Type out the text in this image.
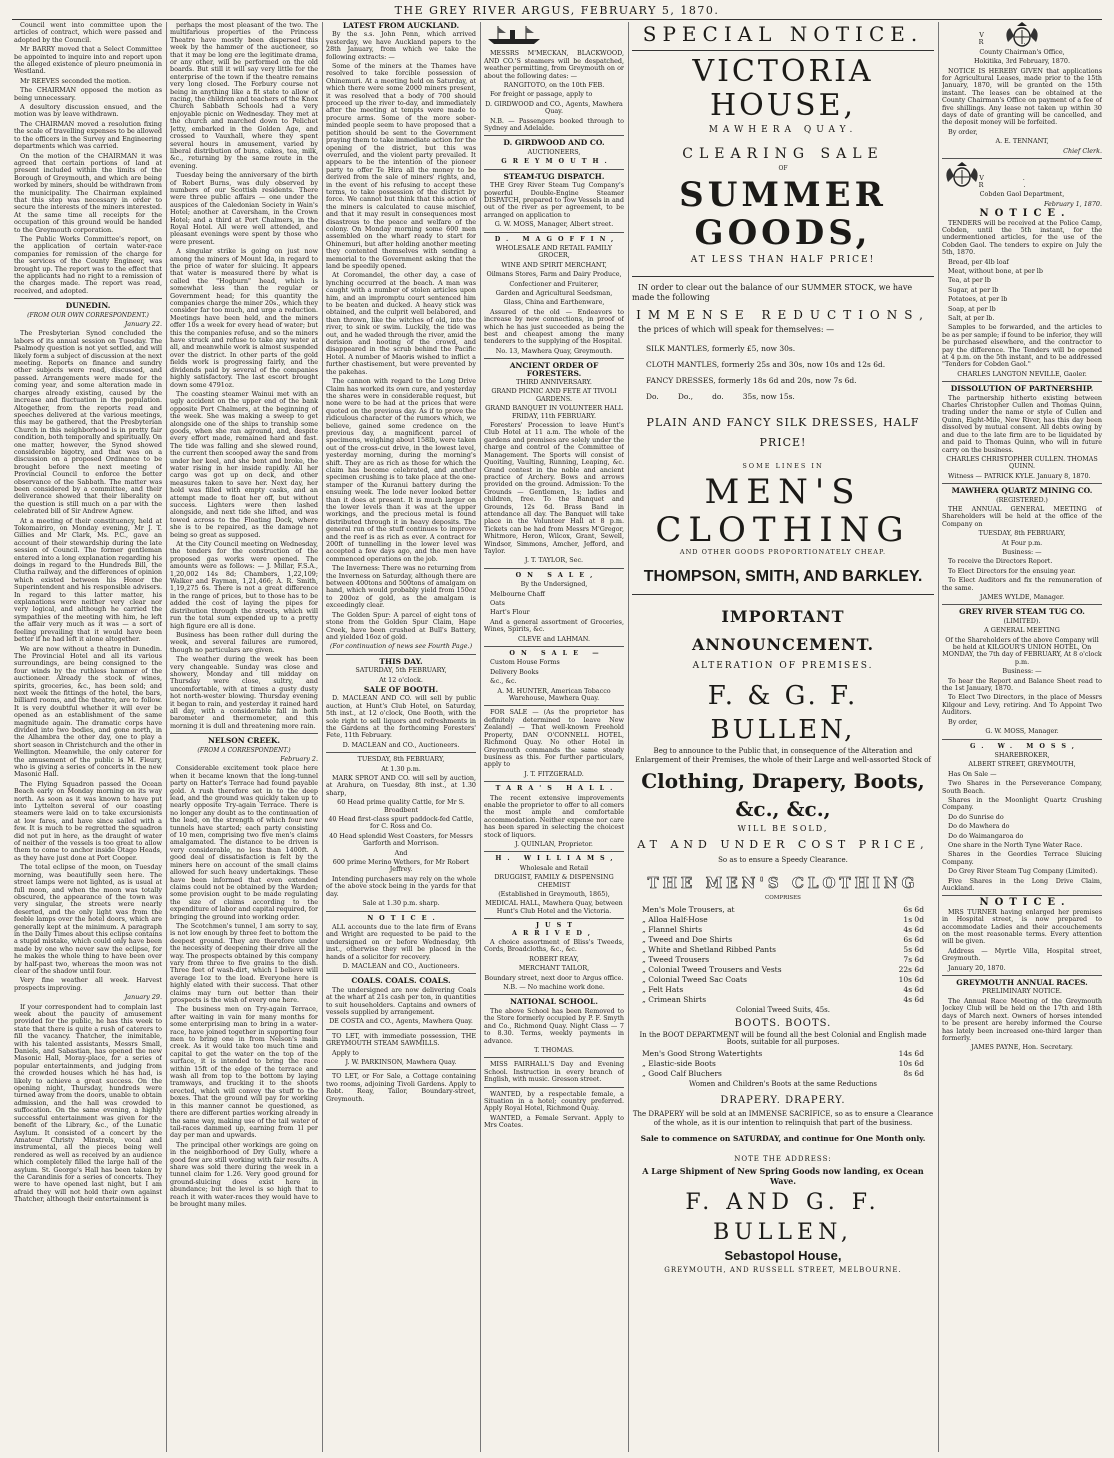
THE GREY RIVER ARGUS, FEBRUARY 5, 1870.

Council went into committee upon the articles of contract, which were passed and adopted by the Council.

Mr BARRY moved that a Select Committee be appointed to inquire into and report upon the alleged existence of pleuro pneumonia in Westland.

Mr REEVES seconded the motion.

The CHAIRMAN opposed the motion as being unnecessary.

A desultory discussion ensued, and the motion was by leave withdrawn.

The CHAIRMAN moved a resolution fixing the scale of travelling expenses to be allowed to the officers in the Survey and Engineering departments which was carried.

On the motion of the CHAIRMAN it was agreed that certain portions of land at present included within the limits of the Borough of Greymouth, and which are being worked by miners, should be withdrawn from the municipality. The Chairman explained that this step was necessary in order to secure the interests of the miners interested. At the same time all receipts for the occupation of this ground would be handed to the Greymouth corporation.

The Public Works Committee's report, on the application of certain water-race companies for remission of the charge for the services of the County Engineer, was brought up. The report was to the effect that the applicants had no right to a remission of the charges made. The report was read, received, and adopted.

DUNEDIN.

(FROM OUR OWN CORRESPONDENT.)

January 22.

The Presbyterian Synod concluded the labors of its annual session on Tuesday. The Psalmody question is not yet settled, and will likely form a subject of discussion at the next meeting. Reports on finance and sundry other subjects were read, discussed, and passed. Arrangements were made for the coming year, and some alteration made in charges already existing, caused by the increase and fluctuation in the population. Altogether, from the reports read and speeches delivered at the various meetings, this may be gathered, that the Presbyterian Church in this neighborhood is in pretty fair condition, both temporally and spiritually. On one matter, however, the Synod showed considerable bigotry, and that was on a discussion on a proposed Ordinance to be brought before the next meeting of Provincial Council to enforce the better observance of the Sabbath. The matter was been considered by a committee, and their deliverance showed that their liberality on the question is still much on a par with the celebrated bill of Sir Andrew Agnew.

At a meeting of their constituency, held at Tokomairiro, on Monday evening, Mr J. T. Gillies and Mr Clark, Ms. P.C., gave an account of their stewardship during the late session of Council. The former gentleman entered into a long explanation regarding his doings in regard to the Hundreds Bill, the Clutha railway, and the differences of opinion which existed between his Honor the Superintendent and his responsible advisers. In regard to this latter matter, his explanations were neither very clear nor very logical, and although he carried the sympathies of the meeting with him, he left the affair very much as it was — a sort of feeling prevailing that it would have been better if he had left it alone altogether.

We are now without a theatre in Dunedin. The Provincial Hotel and all its various surroundings, are being consigned to the four winds by the ruthless hammer of the auctioneer. Already the stock of wines, spirits, groceries, &c., has been sold; and next week the fittings of the hotel, the bars, billiard rooms, and the theatre, are to follow. It is very doubtful whether it will ever be opened as an establishment of the same magnitude again. The dramatic corps have divided into two bodies, and gone north, in the Alhambra the other day, one to play a short season in Christchurch and the other in Wellington. Meanwhile, the only caterer for the amusement of the public is M. Fleury, who is giving a series of concerts in the new Masonic Hall.

The Flying Squadron passed the Ocean Beach early on Monday morning on its way north. As soon as it was known to have put into Lyttelton several of our coasting steamers were laid on to take excursionists at low fares, and have since sailed with a few. It is much to be regretted the squadron did not put in here, as the draught of water of neither of the vessels is too great to allow them to come to anchor inside Otago Heads, as they have just done at Port Cooper.

The total eclipse of the moon, on Tuesday morning, was beautifully seen here. The street lamps were not lighted, as is usual at full moon, and when the moon was totally obscured, the appearance of the town was very singular, the streets were nearly deserted, and the only light was from the feeble lamps over the hotel doors, which are generally kept at the minimum. A paragraph in the Daily Times about this eclipse contains a stupid mistake, which could only have been made by one who never saw the eclipse, for he makes the whole thing to have been over by half-past two, whereas the moon was not clear of the shadow until four.

Very fine weather all week. Harvest prospects improving.

January 29.

If your correspondent had to complain last week about the paucity of amusement provided for the public, he has this week to state that there is quite a rush of caterers to fill the vacancy. Thatcher, the inimitable, with his talented assistants, Messrs Small, Daniels, and Sabastian, has opened the new Masonic Hall, Moray-place, for a series of popular entertainments, and judging from the crowded houses which he has had, is likely to achieve a great success. On the opening night, Thursday, hundreds were turned away from the doors, unable to obtain admission, and the hall was crowded to suffocation. On the same evening, a highly successful entertainment was given for the benefit of the Library, &c., of the Lunatic Asylum. It consisted of a concert by the Amateur Christy Minstrels, vocal and instrumental, all the pieces being well rendered as well as received by an audience which completely filled the large hall of the asylum. St. George's Hall has been taken by the Carandinis for a series of concerts. They were to have opened last night, but I am afraid they will not hold their own against Thatcher, although their entertainment is

perhaps the most pleasant of the two. The multifarious properties of the Princess Theatre have mostly been dispersed this week by the hammer of the auctioneer, so that it may be long ere the legitimate drama, or any other, will be performed on the old boards. But still it will say very little for the enterprise of the town if the theatre remains very long closed. The Forbury course not being in anything like a fit state to allow of racing, the children and teachers of the Knox Church Sabbath Schools had a very enjoyable picnic on Wednesday. They met at the church and marched down to Pelichet Jetty, embarked in the Golden Age, and crossed to Vauxhall, where they spent several hours in amusement, varied by liberal distribution of buns, cakes, tea, milk, &c., returning by the same route in the evening.

Tuesday being the anniversary of the birth of Robert Burns, was duly observed by numbers of our Scottish residents. There were three public affairs — one under the auspices of the Caledonian Society in Wain's Hotel; another at Caversham, in the Crown Hotel; and a third at Port Chalmers, in the Royal Hotel. All were well attended, and pleasant evenings were spent by those who were present.

A singular strike is going on just now among the miners of Mount Ida, in regard to the price of water for sluicing. It appears that water is measured there by what is called the "Hogburn" head, which is somewhat less than the regular or Government head; for this quantity the companies charge the miner 20s., which they consider far too much, and urge a reduction. Meetings have been held, and the miners offer 10s a week for every head of water; but this the companies refuse, and so the miners have struck and refuse to take any water at all, and meanwhile work is almost suspended over the district. In other parts of the gold fields work is progressing fairly, and the dividends paid by several of the companies highly satisfactory. The last escort brought down some 4791oz.

The coasting steamer Wainui met with an ugly accident on the upper end of the bank opposite Port Chalmers, at the beginning of the week. She was making a sweep to get alongside one of the ships to tranship some goods, when she ran aground, and, despite every effort made, remained hard and fast. The tide was falling and she slewed round, the current then scooped away the sand from under her keel, and she bent and broke, the water rising in her inside rapidly. All her cargo was got up on deck, and other measures taken to save her. Next day, her hold was filled with empty casks, and an attempt made to float her off, but without success. Lighters were then lashed alongside, and next tide she lifted, and was towed across to the Floating Dock, where she is to be repaired, as the damage not being so great as supposed.

At the City Council meeting on Wednesday, the tenders for the construction of the proposed gas works were opened. The amounts were as follows: — J. Millar, F.S.A., 1,20,002 14s 8d; Chambers, 1,22,109; Walker and Fayman, 1,21,466; A. R. Smith, 1,19,275 6s. There is not a great difference in the range of prices, but to those has to be added the cost of laying the pipes for distribution through the streets, which will run the total sum expended up to a pretty high figure ere all is done.

Business has been rather dull during the week, and several failures are rumored, though no particulars are given.

The weather during the week has been very changeable. Sunday was close and showery, Monday and till midday on Thursday were close, sultry, and uncomfortable, with at times a gusty dusty hot north-wester blowing. Thursday evening it began to rain, and yesterday it rained hard all day, with a considerable fall in both barometer and thermometer, and this morning it is dull and threatening more rain.

NELSON CREEK.

(FROM A CORRESPONDENT.)

February 2.

Considerable excitement took place here when it became known that the long-tunnel party on Hatter's Terrace had found payable gold. A rush therefore set in to the deep lead, and the ground was quickly taken up to nearly opposite Try-again Terrace. There is no longer any doubt as to the continuation of the lead, on the strength of which four new tunnels have started; each party consisting of 10 men, comprising two five men's claims amalgamated. The distance to be driven is very considerable, no less than 1400ft. A good deal of dissatisfaction is felt by the miners here on account of the small claims allowed for such heavy undertakings. These have been informed that even extended claims could not be obtained by the Warden; some provision ought to be made regulating the size of claims according to the expenditure of labor and capital required, for bringing the ground into working order.

The Scotchmen's tunnel, I am sorry to say, is not low enough by three feet to bottom the deepest ground. They are therefore under the necessity of deepening their drive all the way. The prospects obtained by this company vary from three to five grains to the dish. Three feet of wash-dirt, which I believe will average 1oz to the load. Everyone here is highly elated with their success. That other claims may turn out better than their prospects is the wish of every one here.

The business men on Try-again Terrace, after waiting in vain for many months for some enterprising man to bring in a water-race, have joined together in supporting four men to bring one in from Nelson's main creek. As it would take too much time and capital to get the water on the top of the surface, it is intended to bring the race within 15ft of the edge of the terrace and wash all from top to the bottom by laying tramways, and trucking it to the shoots erected, which will convey the stuff to the boxes. That the ground will pay for working in this manner cannot be questioned, as there are different parties working already in the same way, making use of the tail water of tail-races dammed up, earning from 1l per day per man and upwards.

The principal other workings are going on in the neighborhood of Dry Gully, where a good few are still working with fair results. A share was sold there during the week in a tunnel claim for 1.26. Very good ground for ground-sluicing does exist here in abundance; but the level is so high that to reach it with water-races they would have to be brought many miles.

LATEST FROM AUCKLAND.

By the s.s. John Penn, which arrived yesterday, we have Auckland papers to the 28th January, from which we take the following extracts: —

Some of the miners at the Thames have resolved to take forcible possession of Ohinemuri. At a meeting held on Saturday, at which there were some 2000 miners present, it was resolved that a body of 700 should proceed up the river to-day, and immediately after the meeting at tempts were made to procure arms. Some of the more sober-minded people seem to have proposed that a petition should be sent to the Government praying them to take immediate action for the opening of the district, but this was overruled, and the violent party prevailed. It appears to be the intention of the pioneer party to offer Te Hira all the money to be derived from the sale of miners' rights, and, in the event of his refusing to accept these terms, to take possession of the district by force. We cannot but think that this action of the miners is calculated to cause mischief, and that it may result in consequences most disastrous to the peace and welfare of the colony. On Monday morning some 600 men assembled on the wharf ready to start for Ohinemuri, but after holding another meeting they contented themselves with sending a memorial to the Government asking that the land be speedily opened.

At Coromandel, the other day, a case of lynching occurred at the beach. A man was caught with a number of stolen articles upon him, and an impromptu court sentenced him to be beaten and ducked. A heavy stick was obtained, and the culprit well belabored, and then thrown, like the witches of old, into the river, to sink or swim. Luckily, the tide was out, and he waded through the river, amid the derision and hooting of the crowd, and disappeared in the scrub behind the Pacific Hotel. A number of Maoris wished to inflict a further chastisement, but were prevented by the pakehas.

The cannon with regard to the Long Drive Claim has worked its own cure, and yesterday the shares were in considerable request, but none were to be had at the prices that were quoted on the previous day. As if to prove the ridiculous character of the rumors which, we believe, gained some credence on the previous day, a magnificent parcel of specimens, weighing about 158lb, were taken out of the cross-cut drive, in the lowest level, yesterday morning, during the morning's shift. They are as rich as those for which the claim has become celebrated, and another specimen crushing is to take place at the one-stamper of the Kuranui battery during the ensuing week. The lode never looked better than it does at present. It is much larger on the lower levels than it was at the upper workings, and the precious metal is found distributed through it in heavy deposits. The general run of the stuff continues to improve and the reef is as rich as ever. A contract for 200ft of tunnelling in the lower level was accepted a few days ago, and the men have commenced operations on the job.

The Inverness: There was no returning from the Inverness on Saturday, although there are between 400tons and 500tons of amalgam on hand, which would probably yield from 150oz to 200oz of gold, as the amalgam is exceedingly clear.

The Golden Spur: A parcel of eight tons of stone from the Golden Spur Claim, Hape Creek, have been crushed at Bull's Battery, and yielded 16oz of gold.

(For continuation of news see Fourth Page.)

THIS DAY.

SATURDAY, 5th FEBRUARY,

At 12 o'clock.

SALE OF BOOTH.

D. MACLEAN AND CO. will sell by public auction, at Hunt's Club Hotel, on Saturday, 5th inst., at 12 o'clock, One Booth, with the sole right to sell liquors and refreshments in the Gardens at the forthcoming Foresters' Fete, 11th February.

D. MACLEAN and CO., Auctioneers.

TUESDAY, 8th FEBRUARY,

At 1.30 p.m.

MARK SPROT AND CO. will sell by auction, at Arahura, on Tuesday, 8th inst., at 1.30 sharp,

60 Head prime quality Cattle, for Mr S. Broadbent

40 Head first-class spurt paddock-fed Cattle, for C. Ross and Co.

40 Head splendid West Coasters, for Messrs Garforth and Morrison.

And

600 prime Merino Wethers, for Mr Robert Jeffrey.

Intending purchasers may rely on the whole of the above stock being in the yards for that day.

Sale at 1.30 p.m. sharp.

NOTICE.

ALL accounts due to the late firm of Evans and Wright are requested to be paid to the undersigned on or before Wednesday, 9th inst., otherwise they will be placed in the hands of a solicitor for recovery.

D. MACLEAN and CO., Auctioneers.

COALS. COALS. COALS.

The undersigned are now delivering Coals at the wharf at 21s cash per ton, in quantities to suit householders. Captains and owners of vessels supplied by arrangement.

DE COSTA and CO., Agents, Mawhera Quay.

TO LET, with immediate possession, THE GREYMOUTH STEAM SAWMILLS.

Apply to

J. W. PARKINSON, Mawhera Quay.

TO LET, or For Sale, a Cottage containing two rooms, adjoining Tivoli Gardens. Apply to Robt. Reay, Tailor, Boundary-street, Greymouth.

MESSRS M'MECKAN, BLACKWOOD, AND CO.'S steamers will be despatched, weather permitting, from Greymouth on or about the following dates: —

RANGITOTO, on the 10th FEB.

For freight or passage, apply to

D. GIRDWOOD and CO., Agents, Mawhera Quay.

N.B. — Passengers booked through to Sydney and Adelaide.

D. GIRDWOOD AND CO.

AUCTIONEERS,

GREYMOUTH.

STEAM-TUG DISPATCH.

THE Grey River Steam Tug Company's powerful Double-Engine Steamer DISPATCH, prepared to Tow Vessels in and out of the river as per agreement, to be arranged on application to

G. W. MOSS, Manager, Albert street.

D. MAGOFFIN,

WHOLESALE AND RETAIL FAMILY GROCER,

WINE AND SPIRIT MERCHANT,

Oilmans Stores, Farm and Dairy Produce,

Confectioner and Fruiterer,

Garden and Agricultural Seedsman,

Glass, China and Earthenware,

Assured of the old — Endeavors to increase by new connections, in proof of which he has just succeeded as being the best and cheapest among the many tenderers to the supplying of the Hospital.

No. 13, Mawhera Quay, Greymouth.

ANCIENT ORDER OF FORESTERS.

THIRD ANNIVERSARY.

GRAND PICNIC AND FETE AT TIVOLI GARDENS.

GRAND BANQUET IN VOLUNTEER HALL FRIDAY, 11th FEBRUARY.

Foresters' Procession to leave Hunt's Club Hotel at 11 a.m. The whole of the gardens and premises are solely under the charge and control of the Committee of Management. The Sports will consist of Quoiting, Vaulting, Running, Leaping, &c. Grand contest in the noble and ancient practice of Archery. Bows and arrows provided on the ground. Admission: To the Grounds — Gentlemen, 1s; ladies and children, free. To the Banquet and Grounds, 12s 6d. Brass Band in attendance all day. The Banquet will take place in the Volunteer Hall at 8 p.m. Tickets can be had from Messrs M'Gregor, Whitmore, Heron, Wilcox, Grant, Sewell, Windsor, Simmons, Amcher, Jefford, and Taylor.

J. T. TAYLOR, Sec.

ON SALE,

By the Undersigned,

Melbourne Chaff

Oats

Hart's Flour

And a general assortment of Groceries, Wines, Spirits, &c.

CLEVE and LAHMAN.

ON SALE —

Custom House Forms

Delivery Books

&c., &c.

A. M. HUNTER, American Tobacco Warehouse, Mawhera Quay.

FOR SALE — (As the proprietor has definitely determined to leave New Zealand) — That well-known Freehold Property, DAN O'CONNELL HOTEL, Richmond Quay. No other Hotel in Greymouth commands the same steady business as this. For further particulars, apply to

J. T. FITZGERALD.

TARA'S HALL.

The recent extensive improvements enable the proprietor to offer to all comers the most ample and comfortable accommodation. Neither expense nor care has been spared in selecting the choicest stock of liquors.

J. QUINLAN, Proprietor.

H. WILLIAMS,

Wholesale and Retail

DRUGGIST, FAMILY & DISPENSING CHEMIST

(Established in Greymouth, 1865),

MEDICAL HALL, Mawhera Quay, between Hunt's Club Hotel and the Victoria.

JUST ARRIVED,

A choice assortment of Bliss's Tweeds, Cords, Broadcloths, &c., &c.

ROBERT REAY,

MERCHANT TAILOR,

Boundary street, next door to Argus office.

N.B. — No machine work done.

NATIONAL SCHOOL.

The above School has been Removed to the Store formerly occupied by P. F. Smyth and Co., Richmond Quay. Night Class — 7 to 8.30. Terms, weekly payments in advance.

T. THOMAS.

MISS FAIRHALL'S Day and Evening School. Instruction in every branch of English, with music. Gresson street.

WANTED, by a respectable female, a Situation in a hotel; country preferred. Apply Royal Hotel, Richmond Quay.

WANTED, a Female Servant. Apply to Mrs Coates.

SPECIAL NOTICE.
VICTORIA HOUSE,
MAWHERA QUAY.
CLEARING SALE
OF
SUMMER GOODS,
AT LESS THAN HALF PRICE!

IN order to clear out the balance of our SUMMER STOCK, we have made the following

IMMENSE REDUCTIONS,

the prices of which will speak for themselves: —

SILK MANTLES, formerly £5, now 30s.
CLOTH MANTLES, formerly 25s and 30s, now 10s and 12s 6d.
FANCY DRESSES, formerly 18s 6d and 20s, now 7s 6d.
Do.        Do.,        do.        35s, now 15s.
PLAIN AND FANCY SILK DRESSES, HALF PRICE!
SOME LINES IN
MEN'S CLOTHING
AND OTHER GOODS PROPORTIONATELY CHEAP.
THOMPSON, SMITH, AND BARKLEY.
IMPORTANT ANNOUNCEMENT.
ALTERATION OF PREMISES.
F. & G. F. BULLEN,

Beg to announce to the Public that, in consequence of the Alteration and Enlargement of their Premises, the whole of their Large and well-assorted Stock of

Clothing, Drapery, Boots, &c., &c.,
WILL BE SOLD,
AT AND UNDER COST PRICE,
So as to ensure a Speedy Clearance.
THE MEN'S CLOTHING
COMPRISES
Men's Mole Trousers, at	6s 6d
„ Alloa Half-Hose	1s 0d
„ Flannel Shirts	4s 6d
„ Tweed and Doe Shirts	6s 6d
„ White and Shetland Ribbed Pants	5s 6d
„ Tweed Trousers	7s 6d
„ Colonial Tweed Trousers and Vests	22s 6d
„ Colonial Tweed Sac Coats	10s 6d
„ Felt Hats	4s 6d
„ Crimean Shirts	4s 6d
Colonial Tweed Suits, 45s.
BOOTS. BOOTS.

In the BOOT DEPARTMENT will be found all the best Colonial and English made Boots, suitable for all purposes.

Men's Good Strong Watertights	14s 6d
„ Elastic-side Boots	10s 6d
„ Good Calf Bluchers	8s 6d
Women and Children's Boots at the same Reductions
DRAPERY. DRAPERY.

The DRAPERY will be sold at an IMMENSE SACRIFICE, so as to ensure a Clearance of the whole, as it is our intention to relinquish that part of the business.

Sale to commence on SATURDAY, and continue for One Month only.
NOTE THE ADDRESS:
A Large Shipment of New Spring Goods now landing, ex Ocean Wave.
F. AND G. F. BULLEN,
Sebastopol House,
GREYMOUTH, AND RUSSELL STREET, MELBOURNE.

V. R.

County Chairman's Office,

Hokitika, 3rd February, 1870.

NOTICE IS HEREBY GIVEN that applications for Agricultural Leases, made prior to the 15th January, 1870, will be granted on the 15th instant. The leases can be obtained at the County Chairman's Office on payment of a fee of five shillings. Any lease not taken up within 30 days of date of granting will be cancelled, and the deposit money will be forfeited.

By order,

A. E. TENNANT,

Chief Clerk.

V. R.

Cobden Gaol Department,

February 1, 1870.

NOTICE.

TENDERS will be received at the Police Camp, Cobden, until the 5th instant, for the undermentioned articles, for the use of the Cobden Gaol. The tenders to expire on July the 5th, 1870.

Bread, per 4lb loaf

Meat, without bone, at per lb

Tea, at per lb

Sugar, at per lb

Potatoes, at per lb

Soap, at per lb

Salt, at per lb.

Samples to be forwarded, and the articles to be as per sample; if found to be inferior, they will be purchased elsewhere, and the contractor to pay the difference. The Tenders will be opened at 4 p.m. on the 5th instant, and to be addressed "Tenders for Cobden Gaol."

CHARLES LANGTON NEVILLE, Gaoler.

DISSOLUTION OF PARTNERSHIP.

The partnership hitherto existing between Charles Christopher Cullen and Thomas Quinn, trading under the name or style of Cullen and Quinn, Eight-Mile, New River, has this day been dissolved by mutual consent. All debts owing by and due to the late firm are to be liquidated by and paid to Thomas Quinn, who will in future carry on the business.

CHARLES CHRISTOPHER CULLEN. THOMAS QUINN.

Witness — PATRICK KYLE. January 8, 1870.

MAWHERA QUARTZ MINING CO.

(REGISTERED.)

THE ANNUAL GENERAL MEETING of Shareholders will be held at the office of the Company on

TUESDAY, 8th FEBRUARY,

At Four p.m.

Business: —

To receive the Directors Report.

To Elect Directors for the ensuing year.

To Elect Auditors and fix the remuneration of the same.

JAMES WYLDE, Manager.

GREY RIVER STEAM TUG CO.

(LIMITED).

A GENERAL MEETING

Of the Shareholders of the above Company will be held at KILGOUR'S UNION HOTEL, On MONDAY, the 7th day of FEBRUARY, At 8 o'clock p.m.

Business: —

To hear the Report and Balance Sheet read to the 1st January, 1870.

To Elect Two Directors, in the place of Messrs Kilgour and Levy, retiring. And To Appoint Two Auditors.

By order,

G. W. MOSS, Manager.

G. W. MOSS,

SHAREBROKER,

ALBERT STREET, GREYMOUTH,

Has On Sale —

Two Shares in the Perseverance Company, South Beach.

Shares in the Moonlight Quartz Crushing Company.

Do do Sunrise do

Do do Mawhera do

Do do Waimangaroa do

One share in the North Tyne Water Race.

Shares in the Geordies Terrace Sluicing Company.

Do Grey River Steam Tug Company (Limited).

Five Shares in the Long Drive Claim, Auckland.

NOTICE.

MRS TURNER having enlarged her premises in Hospital street, is now prepared to accommodate Ladies and their accouchements on the most reasonable terms. Every attention will be given.

Address — Myrtle Villa, Hospital street, Greymouth.

January 20, 1870.

GREYMOUTH ANNUAL RACES.

PRELIMINARY NOTICE.

The Annual Race Meeting of the Greymouth Jockey Club will be held on the 17th and 18th days of March next. Owners of horses intended to be present are hereby informed the Course has lately been increased one-third larger than formerly.

JAMES PAYNE, Hon. Secretary.
